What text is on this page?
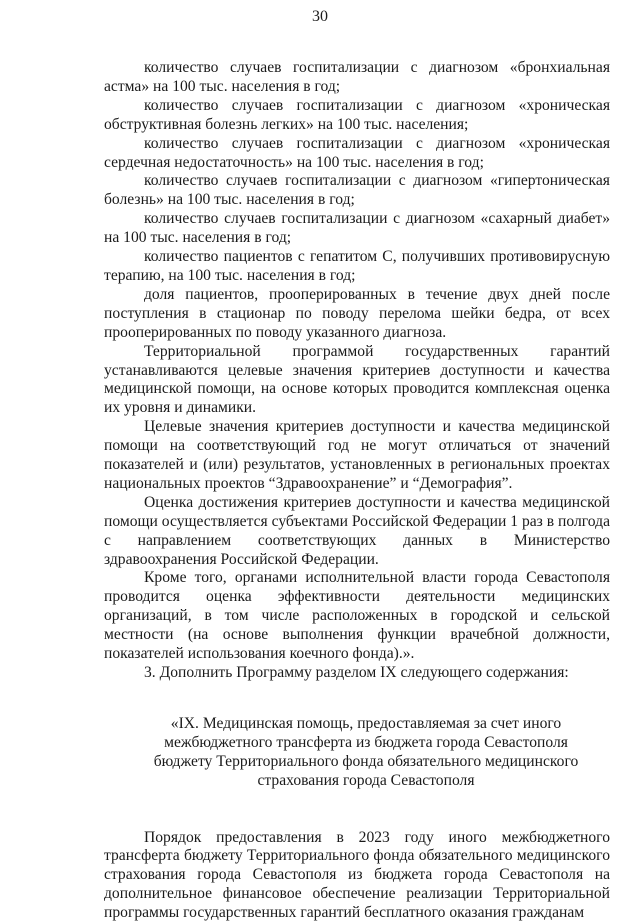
30

количество случаев госпитализации с диагнозом «бронхиальная астма» на 100 тыс. населения в год;

количество случаев госпитализации с диагнозом «хроническая обструктивная болезнь легких» на 100 тыс. населения;

количество случаев госпитализации с диагнозом «хроническая сердечная недостаточность» на 100 тыс. населения в год;

количество случаев госпитализации с диагнозом «гипертоническая болезнь» на 100 тыс. населения в год;

количество случаев госпитализации с диагнозом «сахарный диабет» на 100 тыс. населения в год;

количество пациентов с гепатитом С, получивших противовирусную терапию, на 100 тыс. населения в год;

доля пациентов, прооперированных в течение двух дней после поступления в стационар по поводу перелома шейки бедра, от всех прооперированных по поводу указанного диагноза.

Территориальной программой государственных гарантий устанавливаются целевые значения критериев доступности и качества медицинской помощи, на основе которых проводится комплексная оценка их уровня и динамики.

Целевые значения критериев доступности и качества медицинской помощи на соответствующий год не могут отличаться от значений показателей и (или) результатов, установленных в региональных проектах национальных проектов “Здравоохранение” и “Демография”.

Оценка достижения критериев доступности и качества медицинской помощи осуществляется субъектами Российской Федерации 1 раз в полгода с направлением соответствующих данных в Министерство здравоохранения Российской Федерации.

Кроме того, органами исполнительной власти города Севастополя проводится оценка эффективности деятельности медицинских организаций, в том числе расположенных в городской и сельской местности (на основе выполнения функции врачебной должности, показателей использования коечного фонда).».

3. Дополнить Программу разделом IX следующего содержания:

«IX. Медицинская помощь, предоставляемая за счет иного
межбюджетного трансферта из бюджета города Севастополя
бюджету Территориального фонда обязательного медицинского
страхования города Севастополя

Порядок предоставления в 2023 году иного межбюджетного трансферта бюджету Территориального фонда обязательного медицинского страхования города Севастополя из бюджета города Севастополя на дополнительное финансовое обеспечение реализации Территориальной программы государственных гарантий бесплатного оказания гражданам
